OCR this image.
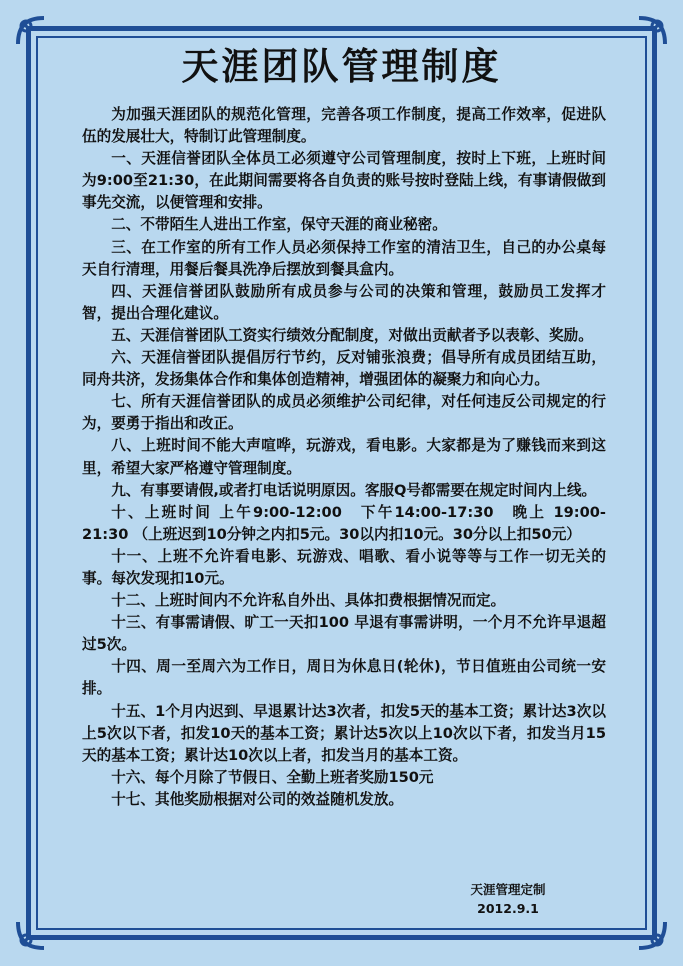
天涯团队管理制度

为加强天涯团队的规范化管理，完善各项工作制度，提高工作效率，促进队伍的发展壮大，特制订此管理制度。

一、天涯信誉团队全体员工必须遵守公司管理制度，按时上下班，上班时间为9:00至21:30，在此期间需要将各自负责的账号按时登陆上线，有事请假做到事先交流，以便管理和安排。

二、不带陌生人进出工作室，保守天涯的商业秘密。

三、在工作室的所有工作人员必须保持工作室的清洁卫生，自己的办公桌每天自行清理，用餐后餐具洗净后摆放到餐具盒内。

四、天涯信誉团队鼓励所有成员参与公司的决策和管理，鼓励员工发挥才智，提出合理化建议。

五、天涯信誉团队工资实行绩效分配制度，对做出贡献者予以表彰、奖励。

六、天涯信誉团队提倡厉行节约，反对铺张浪费；倡导所有成员团结互助，同舟共济，发扬集体合作和集体创造精神，增强团体的凝聚力和向心力。

七、所有天涯信誉团队的成员必须维护公司纪律，对任何违反公司规定的行为，要勇于指出和改正。

八、上班时间不能大声喧哗，玩游戏，看电影。大家都是为了赚钱而来到这里，希望大家严格遵守管理制度。

九、有事要请假,或者打电话说明原因。客服Q号都需要在规定时间内上线。

十、上班时间 上午9:00-12:00　下午14:00-17:30　晚上 19:00-21:30 （上班迟到10分钟之内扣5元。30以内扣10元。30分以上扣50元）

十一、上班不允许看电影、玩游戏、唱歌、看小说等等与工作一切无关的事。每次发现扣10元。

十二、上班时间内不允许私自外出、具体扣费根据情况而定。

十三、有事需请假、旷工一天扣100 早退有事需讲明，一个月不允许早退超过5次。

十四、周一至周六为工作日，周日为休息日(轮休)，节日值班由公司统一安排。

十五、1个月内迟到、早退累计达3次者，扣发5天的基本工资；累计达3次以上5次以下者，扣发10天的基本工资；累计达5次以上10次以下者，扣发当月15天的基本工资；累计达10次以上者，扣发当月的基本工资。

十六、每个月除了节假日、全勤上班者奖励150元

十七、其他奖励根据对公司的效益随机发放。

天涯管理定制
2012.9.1
